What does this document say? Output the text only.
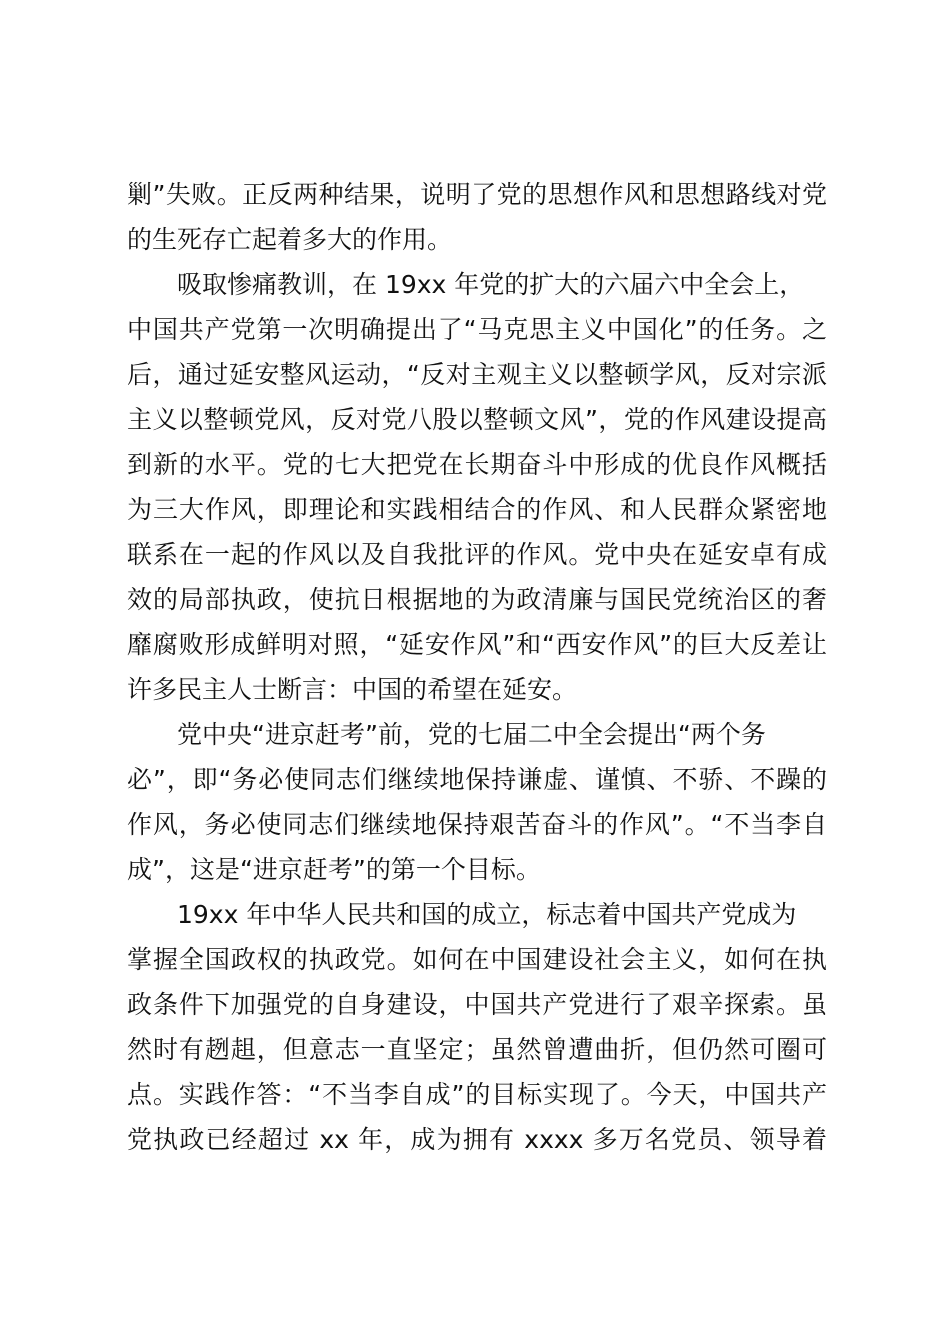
剿”失败。正反两种结果，说明了党的思想作风和思想路线对党
的生死存亡起着多大的作用。
吸取惨痛教训，在 19xx 年党的扩大的六届六中全会上，
中国共产党第一次明确提出了“马克思主义中国化”的任务。之
后，通过延安整风运动，“反对主观主义以整顿学风，反对宗派
主义以整顿党风，反对党八股以整顿文风”，党的作风建设提高
到新的水平。党的七大把党在长期奋斗中形成的优良作风概括
为三大作风，即理论和实践相结合的作风、和人民群众紧密地
联系在一起的作风以及自我批评的作风。党中央在延安卓有成
效的局部执政，使抗日根据地的为政清廉与国民党统治区的奢
靡腐败形成鲜明对照，“延安作风”和“西安作风”的巨大反差让
许多民主人士断言：中国的希望在延安。
党中央“进京赶考”前，党的七届二中全会提出“两个务
必”，即“务必使同志们继续地保持谦虚、谨慎、不骄、不躁的
作风，务必使同志们继续地保持艰苦奋斗的作风”。“不当李自
成”，这是“进京赶考”的第一个目标。
19xx 年中华人民共和国的成立，标志着中国共产党成为
掌握全国政权的执政党。如何在中国建设社会主义，如何在执
政条件下加强党的自身建设，中国共产党进行了艰辛探索。虽
然时有趔趄，但意志一直坚定；虽然曾遭曲折，但仍然可圈可
点。实践作答：“不当李自成”的目标实现了。今天，中国共产
党执政已经超过 xx 年，成为拥有 xxxx 多万名党员、领导着
